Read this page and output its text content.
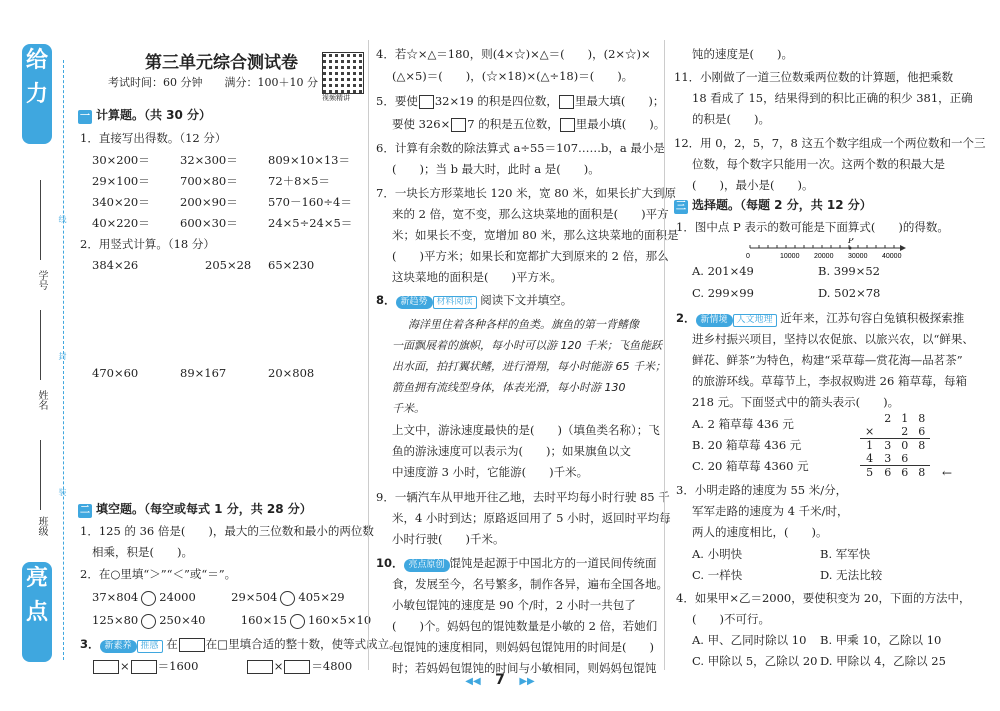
给力
亮点
学号
姓名
班级
线
封
装
第三单元综合测试卷
考试时间：60 分钟　　满分：100＋10 分
视频精讲
一 计算题。（共 30 分）
1．直接写出得数。（12 分）
30×200＝	32×300＝	809×10×13＝
29×100＝	700×80＝	72＋8×5＝
340×20＝	200×90＝	570－160÷4＝
40×220＝	600×30＝	24×5÷24×5＝
2．用竖式计算。（18 分）
384×26	205×28 65×230
470×60	89×167	20×808
二 填空题。（每空或每式 1 分，共 28 分）
1．125 的 36 倍是(　　)，最大的三位数和最小的两位数
相乘，积是(　　)。
2．在○里填“＞”“＜”或“＝”。
37×804 24000	29×504 405×29
125×80 250×40	160×15 160×5×10
3． 新素养 推感 在 在□里填合适的整十数，使等式成立。
× ＝1600	× ＝4800
4．若☆×△＝180，则(4×☆)×△＝(　　)，(2×☆)×
(△×5)＝(　　)，(☆×18)×(△÷18)＝(　　)。
5．要使 32×19 的积是四位数， 里最大填(　　)；
要使 326× 7 的积是五位数， 里最小填(　　)。
6．计算有余数的除法算式 a÷55＝107……b，a 最小是
(　　)；当 b 最大时，此时 a 是(　　)。
7．一块长方形菜地长 120 米，宽 80 米，如果长扩大到原
来的 2 倍，宽不变，那么这块菜地的面积是(　　)平方
米；如果长不变，宽增加 80 米，那么这块菜地的面积是
(　　)平方米；如果长和宽都扩大到原来的 2 倍，那么
这块菜地的面积是(　　)平方米。
8． 新趋势 材料阅读 阅读下文并填空。
海洋里住着各种各样的鱼类。旗鱼的第一背鳍像
一面飘展着的旗帜，每小时可以游 120 千米；飞鱼能跃
出水面，拍打翼状鳍，进行滑翔，每小时能游 65 千米；
箭鱼拥有流线型身体，体表光滑，每小时游 130
千米。
上文中，游泳速度最快的是(　　)（填鱼类名称）；飞
鱼的游泳速度可以表示为(　　)；如果旗鱼以文
中速度游 3 小时，它能游(　　)千米。
9．一辆汽车从甲地开往乙地，去时平均每小时行驶 85 千
米，4 小时到达；原路返回用了 5 小时，返回时平均每
小时行驶(　　)千米。
10． 亮点原创 馄饨是起源于中国北方的一道民间传统面
食，发展至今，名号繁多，制作各异，遍布全国各地。
小敏包馄饨的速度是 90 个/时，2 小时一共包了
(　　)个。妈妈包的馄饨数量是小敏的 2 倍，若她们
包馄饨的速度相同，则妈妈包馄饨用的时间是(　　)
时；若妈妈包馄饨的时间与小敏相同，则妈妈包馄饨
饨的速度是(　　)。
11．小刚做了一道三位数乘两位数的计算题，他把乘数
18 看成了 15，结果得到的积比正确的积少 381，正确
的积是(　　)。
12．用 0，2，5，7，8 这五个数字组成一个两位数和一个三
位数，每个数字只能用一次。这两个数的积最大是
(　　)，最小是(　　)。
三 选择题。（每题 2 分，共 12 分）
1．图中点 P 表示的数可能是下面算式(　　)的得数。
P
0	10000 20000 30000 40000
A. 201×49	B. 399×52
C. 299×99	D. 502×78
2． 新情境 人文地理 近年来，江苏句容白兔镇积极探索推
进乡村振兴项目，坚持以农促旅、以旅兴农，以“鲜果、
鲜花、鲜茶”为特色，构建“采草莓—赏花海—品茗茶”
的旅游环线。草莓节上，李叔叔购进 26 箱草莓，每箱
218 元。下面竖式中的箭头表示(　　)。
A. 2 箱草莓 436 元
B. 20 箱草莓 436 元
C. 20 箱草莓 4360 元
	2	1	8
×		2	6
1	3	0	8
4	3	6	
5	6	6	8 ←
3．小明走路的速度为 55 米/分，
军军走路的速度为 4 千米/时，
两人的速度相比，(　　)。
A. 小明快	B. 军军快
C. 一样快	D. 无法比较
4．如果甲×乙＝2000，要使积变为 20，下面的方法中，
(　　)不可行。
A. 甲、乙同时除以 10 B. 甲乘 10，乙除以 10
C. 甲除以 5，乙除以 20 D. 甲除以 4，乙除以 25
◀◀ 7 ▶▶
